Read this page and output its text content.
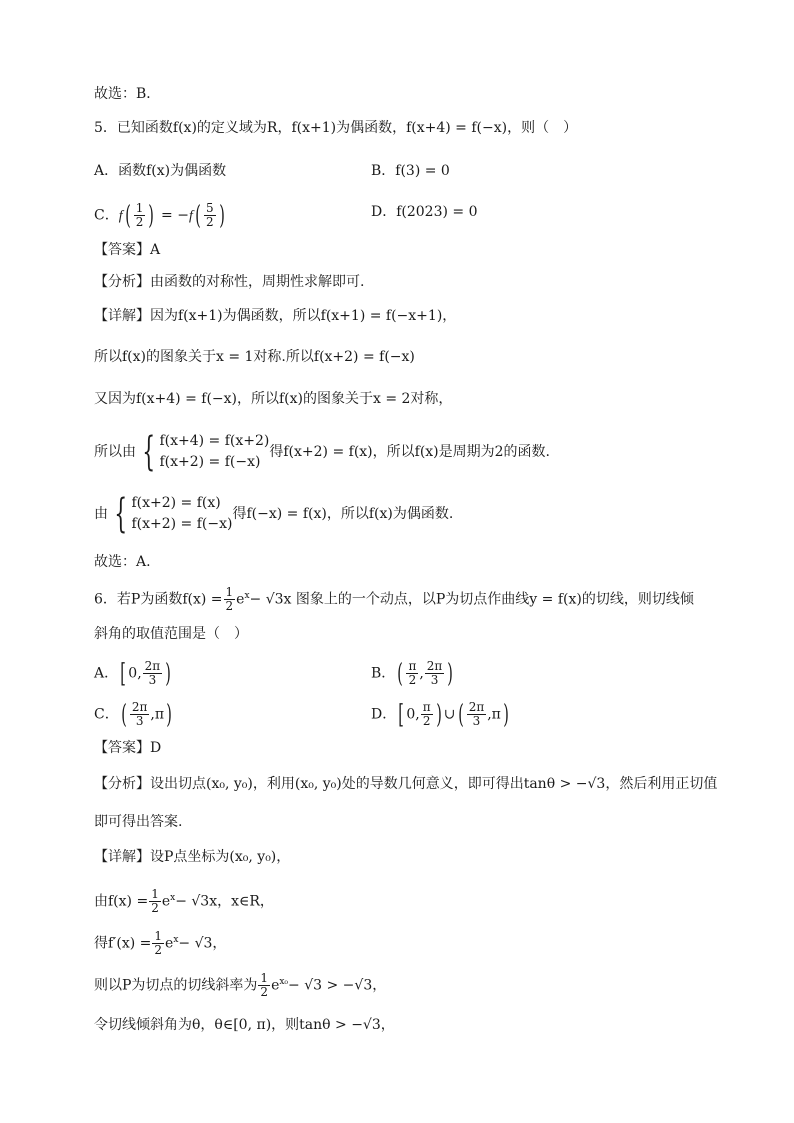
故选：B．
5．已知函数f(x)的定义域为R，f(x+1)为偶函数，f(x+4) = f(−x)，则（　）
A．函数f(x)为偶函数	B．f(3) = 0
C．$f( \frac{1}{2}$ ) = $-f( \frac{5}{2}$ )	D．f(2023) = 0
【答案】A
【分析】由函数的对称性，周期性求解即可.
【详解】因为f(x+1)为偶函数，所以f(x+1) = f(−x+1)，
所以f(x)的图象关于x = 1对称.所以f(x+2) = f(−x)
又因为f(x+4) = f(−x)，所以f(x)的图象关于x = 2对称，
所以由 { f(x+4) = f(x+2)
f(x+2) = f(−x)
得f(x+2) = f(x)，所以f(x)是周期为2的函数.
由 { f(x+2) = f(x)
f(x+2) = f(−x)
得f(−x) = f(x)，所以f(x)为偶函数.
故选：A.
6．若P为函数$f(x) = \frac{1}{2} e^x- √3x$ 图象上的一个动点，以P为切点作曲线y = f(x)的切线，则切线倾
斜角的取值范围是（　）
A．[ 0, $\frac{2\pi}{3}$ )	B．( $\frac{\pi}{2}$ , $\frac{2\pi}{3}$ )
C．( $\frac{2\pi}{3} ,\pi$)	D．[ 0, $\frac{\pi}{2}$ ) ∪( $\frac{2\pi}{3} ,\pi$)
【答案】D
【分析】设出切点(x₀, y₀)，利用(x₀, y₀)处的导数几何意义，即可得出tanθ > −√3，然后利用正切值
即可得出答案.
【详解】设P点坐标为(x₀, y₀)，
由$f(x) = \frac{1}{2} e^x- √3x$，x∈R，
得$f'(x) = \frac{1}{2} e^x- √3$，
则以P为切点的切线斜率为 $\frac{1}{2} e^{x_0}- √3 > -√3$，
令切线倾斜角为θ，θ∈[0, π)，则tanθ > −√3，
